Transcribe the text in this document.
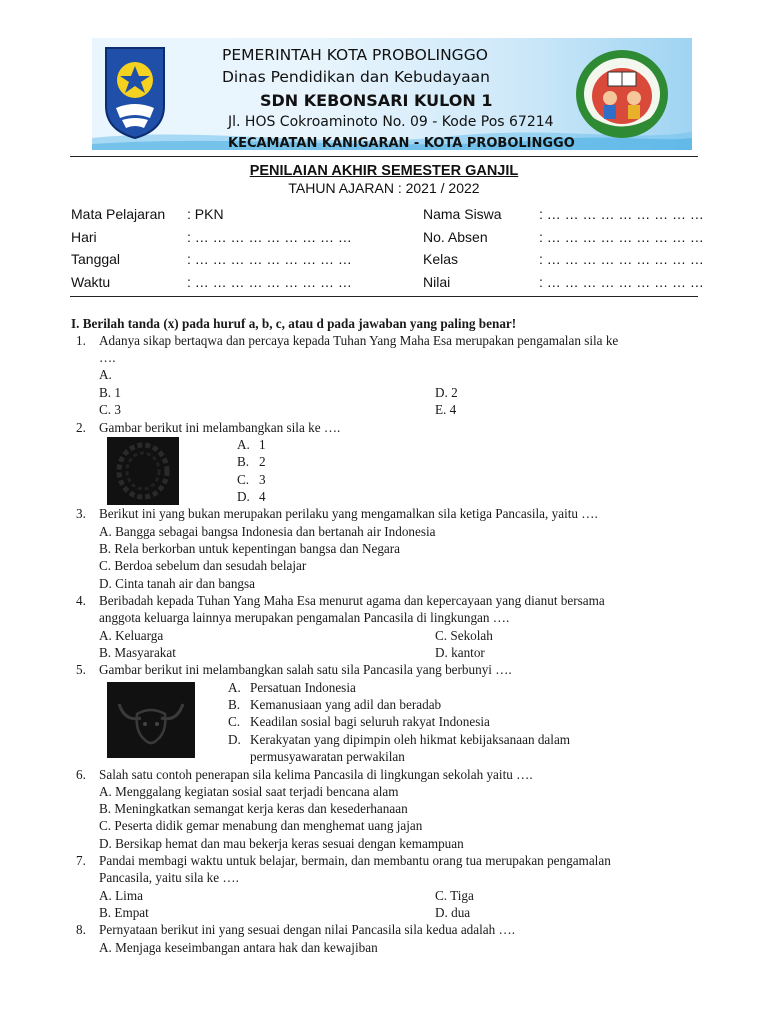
PEMERINTAH KOTA PROBOLINGGO
Dinas Pendidikan dan Kebudayaan
SDN KEBONSARI KULON 1
Jl. HOS Cokroaminoto No. 09 - Kode Pos 67214
KECAMATAN KANIGARAN - KOTA PROBOLINGGO
PENILAIAN AKHIR SEMESTER GANJIL
TAHUN AJARAN : 2021 / 2022
Mata Pelajaran : PKN
Hari	: … … … … … … … … …
Tanggal	: … … … … … … … … …
Waktu	: … … … … … … … … …
Nama Siswa	: … … … … … … … … …
No. Absen	: … … … … … … … … …
Kelas	: … … … … … … … … …
Nilai	: … … … … … … … … …
I. Berilah tanda (x) pada huruf a, b, c, atau d pada jawaban yang paling benar!
1. Adanya sikap bertaqwa dan percaya kepada Tuhan Yang Maha Esa merupakan pengamalan sila ke
….
A.
B. 1
C. 3
D. 2
E. 4
2. Gambar berikut ini melambangkan sila ke ….
A. 1
B. 2
C. 3
D. 4
3. Berikut ini yang bukan merupakan perilaku yang mengamalkan sila ketiga Pancasila, yaitu ….
A. Bangga sebagai bangsa Indonesia dan bertanah air Indonesia
B. Rela berkorban untuk kepentingan bangsa dan Negara
C. Berdoa sebelum dan sesudah belajar
D. Cinta tanah air dan bangsa
4. Beribadah kepada Tuhan Yang Maha Esa menurut agama dan kepercayaan yang dianut bersama
anggota keluarga lainnya merupakan pengamalan Pancasila di lingkungan ….
A. Keluarga
B. Masyarakat
C. Sekolah
D. kantor
5. Gambar berikut ini melambangkan salah satu sila Pancasila yang berbunyi ….
A. Persatuan Indonesia
B. Kemanusiaan yang adil dan beradab
C. Keadilan sosial bagi seluruh rakyat Indonesia
D. Kerakyatan yang dipimpin oleh hikmat kebijaksanaan dalam
permusyawaratan perwakilan
6. Salah satu contoh penerapan sila kelima Pancasila di lingkungan sekolah yaitu ….
A. Menggalang kegiatan sosial saat terjadi bencana alam
B. Meningkatkan semangat kerja keras dan kesederhanaan
C. Peserta didik gemar menabung dan menghemat uang jajan
D. Bersikap hemat dan mau bekerja keras sesuai dengan kemampuan
7. Pandai membagi waktu untuk belajar, bermain, dan membantu orang tua merupakan pengamalan
Pancasila, yaitu sila ke ….
A. Lima
B. Empat
C. Tiga
D. dua
8. Pernyataan berikut ini yang sesuai dengan nilai Pancasila sila kedua adalah ….
A. Menjaga keseimbangan antara hak dan kewajiban
